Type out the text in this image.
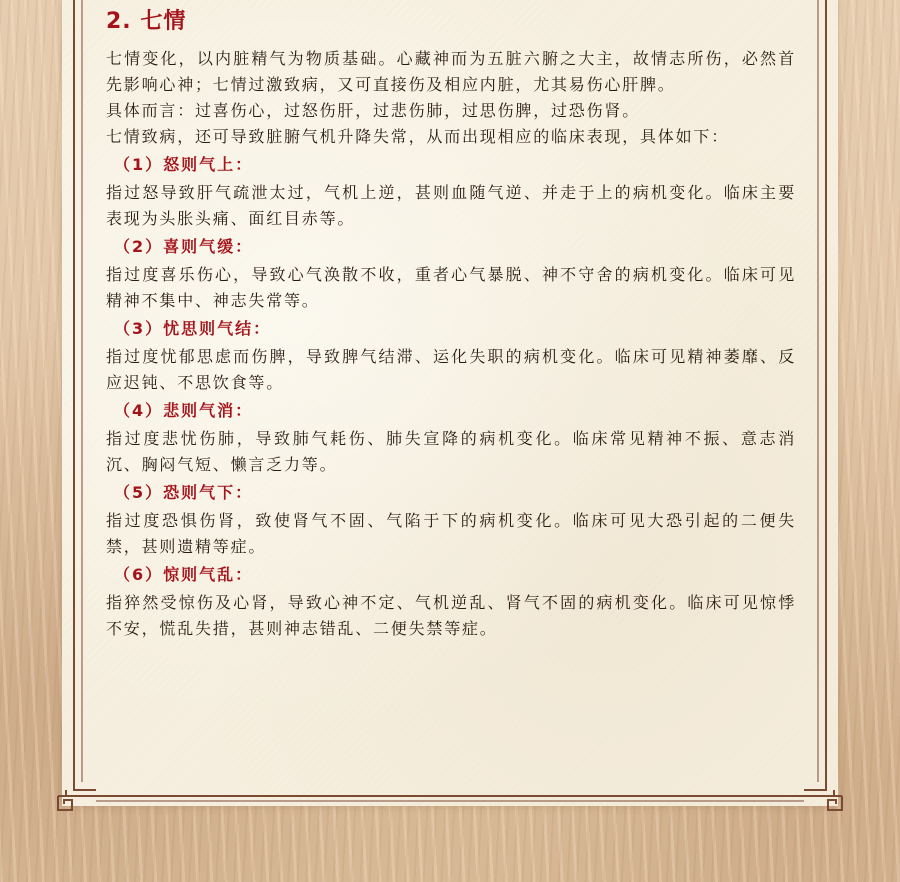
2. 七情

七情变化，以内脏精气为物质基础。心藏神而为五脏六腑之大主，故情志所伤，必然首先影响心神；七情过激致病，又可直接伤及相应内脏，尤其易伤心肝脾。

具体而言：过喜伤心，过怒伤肝，过悲伤肺，过思伤脾，过恐伤肾。

七情致病，还可导致脏腑气机升降失常，从而出现相应的临床表现，具体如下：

（1）怒则气上：

指过怒导致肝气疏泄太过，气机上逆，甚则血随气逆、并走于上的病机变化。临床主要表现为头胀头痛、面红目赤等。

（2）喜则气缓：

指过度喜乐伤心，导致心气涣散不收，重者心气暴脱、神不守舍的病机变化。临床可见精神不集中、神志失常等。

（3）忧思则气结：

指过度忧郁思虑而伤脾，导致脾气结滞、运化失职的病机变化。临床可见精神萎靡、反应迟钝、不思饮食等。

（4）悲则气消：

指过度悲忧伤肺，导致肺气耗伤、肺失宣降的病机变化。临床常见精神不振、意志消沉、胸闷气短、懒言乏力等。

（5）恐则气下：

指过度恐惧伤肾，致使肾气不固、气陷于下的病机变化。临床可见大恐引起的二便失禁，甚则遗精等症。

（6）惊则气乱：

指猝然受惊伤及心肾，导致心神不定、气机逆乱、肾气不固的病机变化。临床可见惊悸不安，慌乱失措，甚则神志错乱、二便失禁等症。
